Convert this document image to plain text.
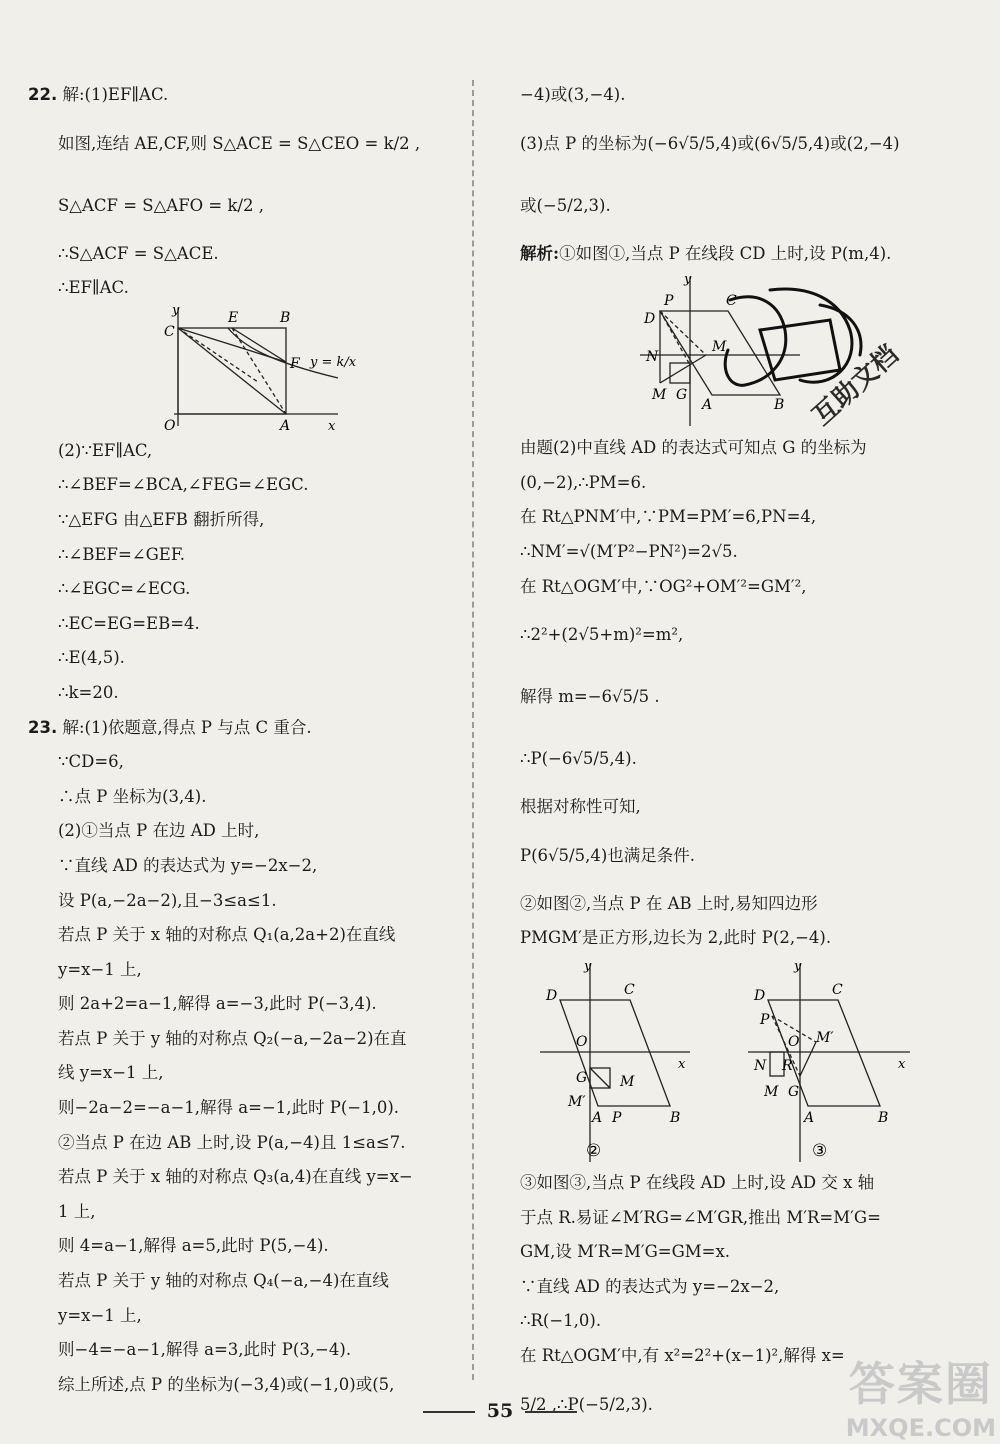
22. 解:(1)EF∥AC.
如图,连结 AE,CF,则 S△ACE = S△CEO = k/2 ,
S△ACF = S△AFO = k/2 ,
∴S△ACF = S△ACE.
∴EF∥AC.
y
C
E	B
F y = k/x
O	A	x
(2)∵EF∥AC,
∴∠BEF=∠BCA,∠FEG=∠EGC.
∵△EFG 由△EFB 翻折所得,
∴∠BEF=∠GEF.
∴∠EGC=∠ECG.
∴EC=EG=EB=4.
∴E(4,5).
∴k=20.
23. 解:(1)依题意,得点 P 与点 C 重合.
∵CD=6,
∴点 P 坐标为(3,4).
(2)①当点 P 在边 AD 上时,
∵直线 AD 的表达式为 y=−2x−2,
设 P(a,−2a−2),且−3≤a≤1.
若点 P 关于 x 轴的对称点 Q₁(a,2a+2)在直线
y=x−1 上,
则 2a+2=a−1,解得 a=−3,此时 P(−3,4).
若点 P 关于 y 轴的对称点 Q₂(−a,−2a−2)在直
线 y=x−1 上,
则−2a−2=−a−1,解得 a=−1,此时 P(−1,0).
②当点 P 在边 AB 上时,设 P(a,−4)且 1≤a≤7.
若点 P 关于 x 轴的对称点 Q₃(a,4)在直线 y=x−
1 上,
则 4=a−1,解得 a=5,此时 P(5,−4).
若点 P 关于 y 轴的对称点 Q₄(−a,−4)在直线
y=x−1 上,
则−4=−a−1,解得 a=3,此时 P(3,−4).
综上所述,点 P 的坐标为(−3,4)或(−1,0)或(5,
−4)或(3,−4).
(3)点 P 的坐标为(−6√5/5,4)或(6√5/5,4)或(2,−4)
或(−5/2,3).
解析:①如图①,当点 P 在线段 CD 上时,设 P(m,4).
y
P	C
D
N
M
M G
A	B
由题(2)中直线 AD 的表达式可知点 G 的坐标为
(0,−2),∴PM=6.
在 Rt△PNM′中,∵PM=PM′=6,PN=4,
∴NM′=√(M′P²−PN²)=2√5.
在 Rt△OGM′中,∵OG²+OM′²=GM′²,
∴2²+(2√5+m)²=m²,
解得 m=−6√5/5 .
∴P(−6√5/5,4).
根据对称性可知,
P(6√5/5,4)也满足条件.
②如图②,当点 P 在 AB 上时,易知四边形
PMGM′是正方形,边长为 2,此时 P(2,−4).
y
D	C
O
x
G M
M′
A P	B
②
y
D	C
P
O M′
N R	x
M G
A	B
③
③如图③,当点 P 在线段 AD 上时,设 AD 交 x 轴
于点 R.易证∠M′RG=∠M′GR,推出 M′R=M′G=
GM,设 M′R=M′G=GM=x.
∵直线 AD 的表达式为 y=−2x−2,
∴R(−1,0).
在 Rt△OGM′中,有 x²=2²+(x−1)²,解得 x=
5/2 ,∴P(−5/2,3).
互助文档
55	答案圈
MXQE.COM
